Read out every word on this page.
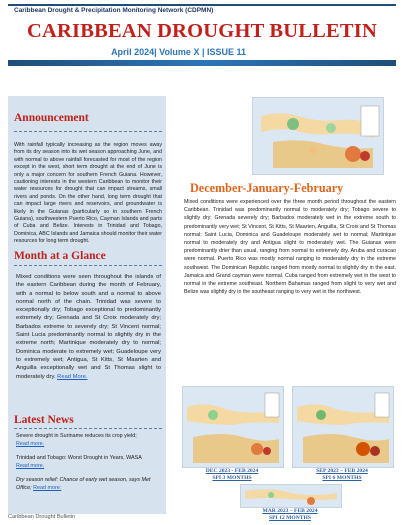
Caribbean Drought & Precipitation Monitoring Network (CDPMN)
CARIBBEAN DROUGHT BULLETIN
April 2024| Volume X | ISSUE 11
Announcement

With rainfall typically increasing as the region moves away from its dry season into its wet season approaching June, and with normal to above rainfall forecasted for most of the region except in the west, short term drought at the end of June is only a major concern for southern French Guiana. However, cautioning interests in the western Caribbean to monitor their water resources for drought that can impact streams, small rivers and ponds. On the other hand, long term drought that can impact large rivers and reservoirs, and groundwater is likely in the Guianas (particularly so in southern French Guiana), southwestern Puerto Rico, Cayman Islands and parts of Cuba and Belize. Interests in Trinidad and Tobago, Dominica, ABC Islands and Jamaica should monitor their water resources for long term drought.

Month at a Glance

Mixed conditions were seen throughout the islands of the eastern Caribbean during the month of February, with a normal to below south and a normal to above normal north of the chain. Trinidad was severe to exceptionally dry; Tobago exceptional to predominantly extremely dry; Grenada and St Croix moderately dry; Barbados extreme to severely dry; St Vincent normal; Saint Lucia predominantly normal to slightly dry in the extreme north; Martinique moderately dry to normal; Dominica moderate to extremely wet; Guadeloupe very to extremely wet; Antigua, St Kitts, St Maarten and Anguilla exceptionally wet and St Thomas slight to moderately dry. Read More.

Latest News

Severe drought in Suriname reduces its crop yield;
Read more.

Trinidad and Tobago: Worst Drought in Years, WASA
Read more.

Dry season relief: Chance of early wet season, says Met Office; Read more:

Caribbean Drought Bulletin
December-January-February

Mixed conditions were experienced over the three month period throughout the eastern Caribbean. Trinidad was predominantly normal to moderately dry; Tobago severe to slightly dry; Grenada severely dry; Barbados moderately wet in the extreme south to predominantly very wet; St Vincent, St Kitts, St Maarten, Anguilla, St Croix and St Thomas normal; Saint Lucia, Dominica and Guadeloupe moderately wet to normal; Martinique normal to moderately dry and Antigua slight to moderately wet. The Guianas were predominantly drier than usual, ranging from normal to extremely dry. Aruba and curacao were normal. Puerto Rico was mostly normal ranging to moderately dry in the extreme southwest. The Dominican Republic ranged from mostly normal to slightly dry in the east. Jamaica and Grand cayman were normal. Cuba ranged from extremely wet in the west to normal in the extreme southeast. Northern Bahamas ranged from slight to very wet and Belize was slightly dry in the southeast ranging to very wet in the northwest.

DEC 2023 - FEB 2024
SPI 3 MONTHS
SEP 2023 – FEB 2024
SPI 6 MONTHS
MAR 2023 – FEB 2024
SPI 12 MONTHS
